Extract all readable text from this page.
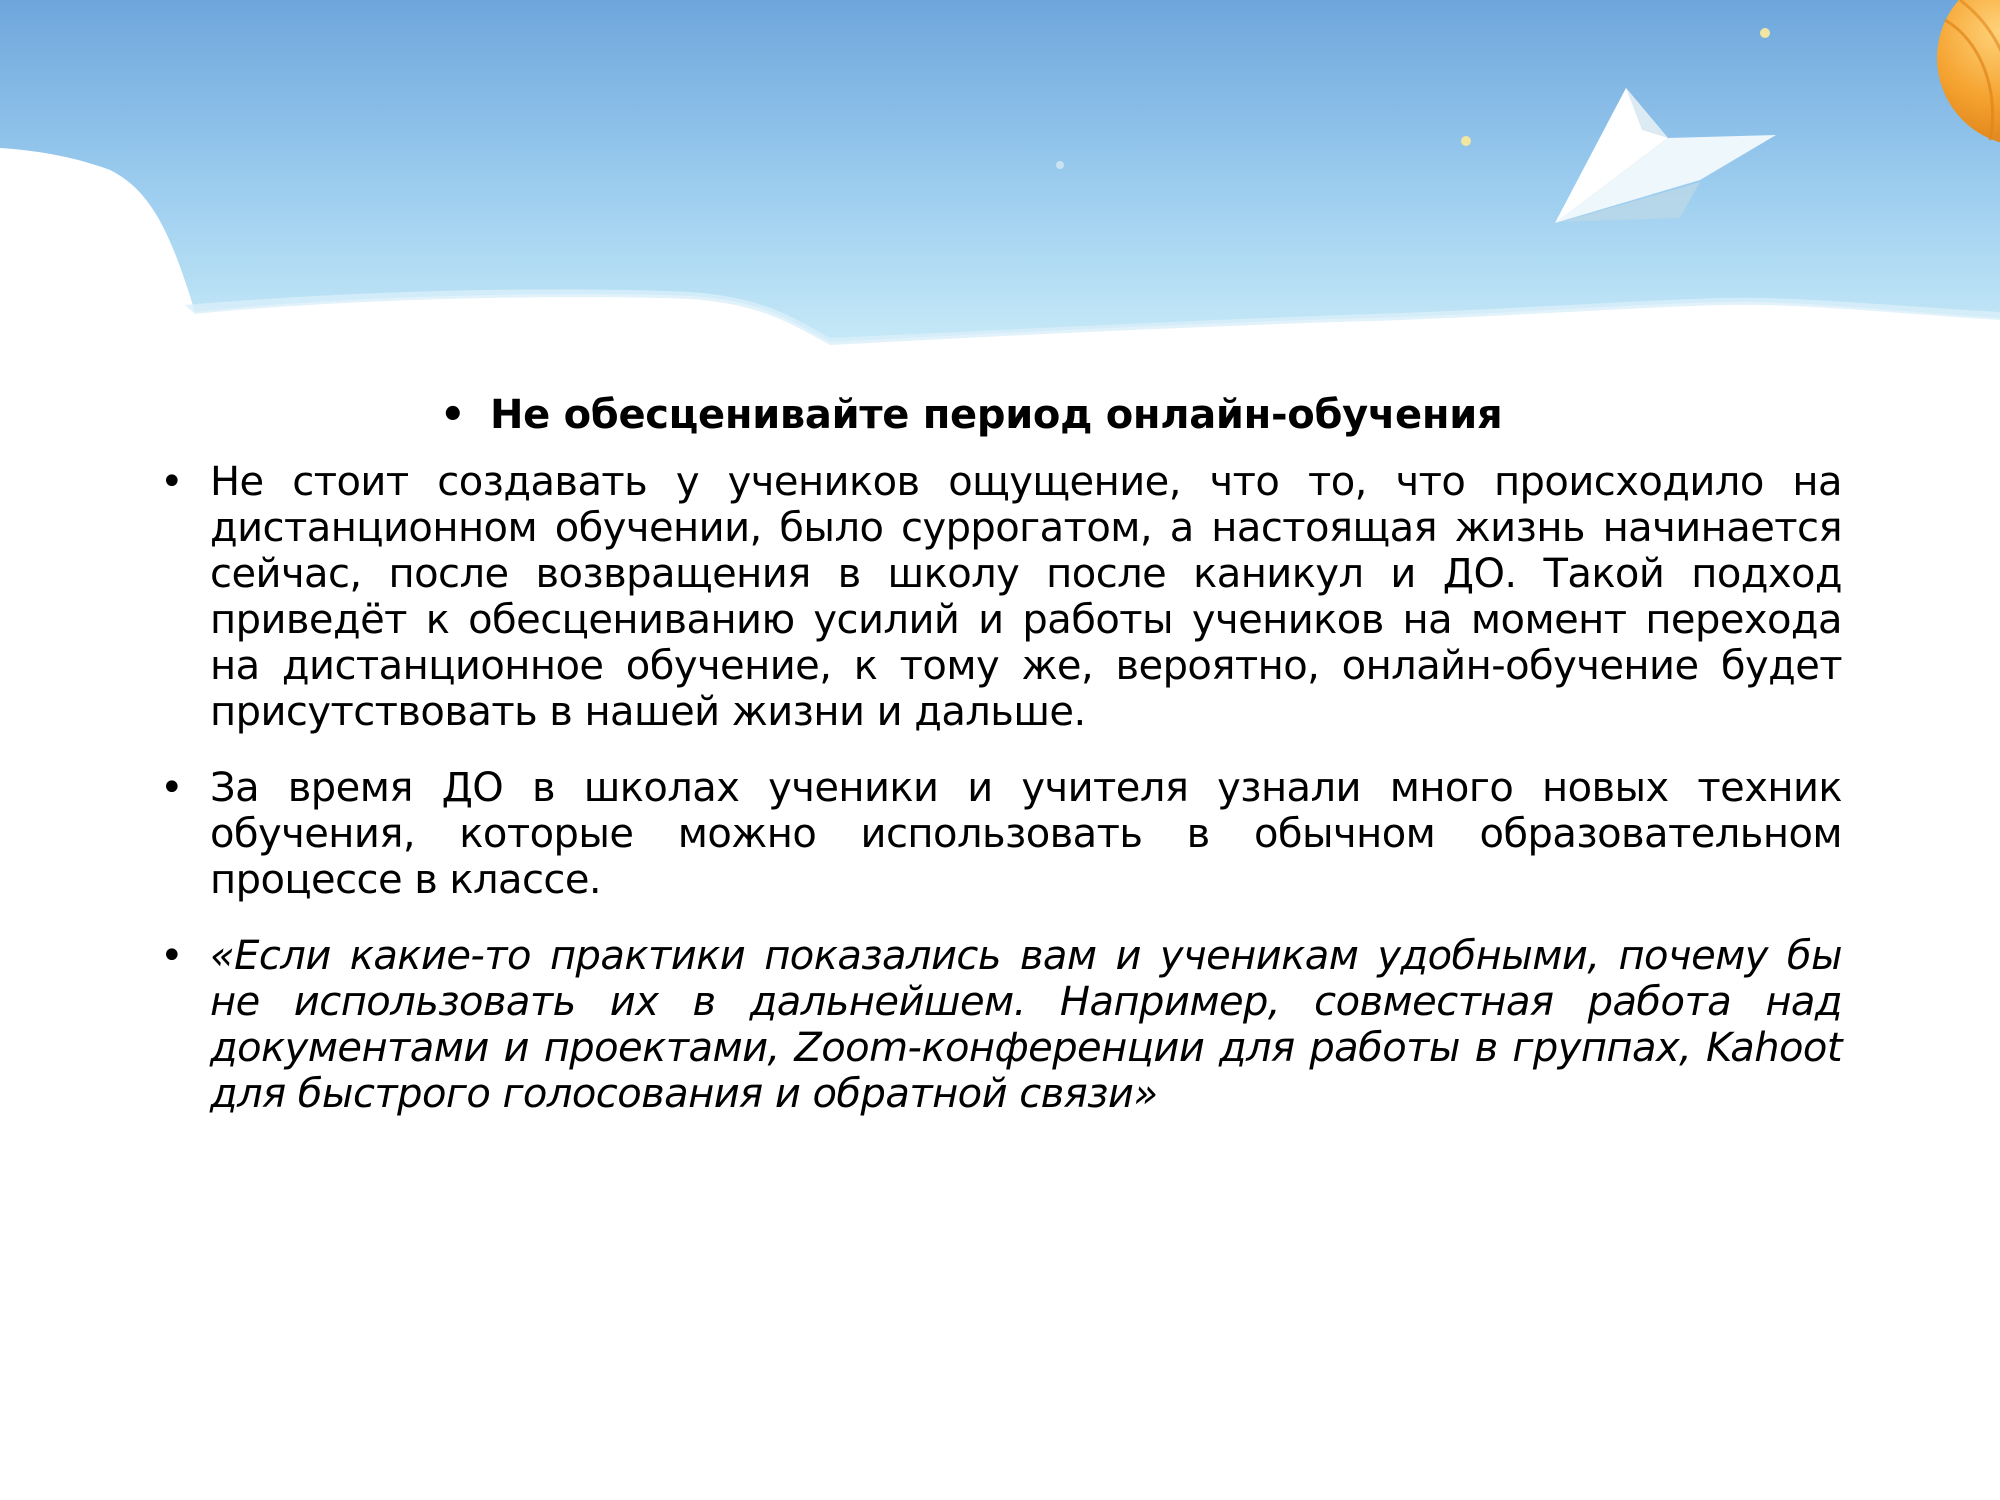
• Не обесценивайте период онлайн-обучения
• Не стоит создавать у учеников ощущение, что то, что происходило на дистанционном обучении, было суррогатом, а настоящая жизнь начинается сейчас, после возвращения в школу после каникул и ДО. Такой подход приведёт к обесцениванию усилий и работы учеников на момент перехода на дистанционное обучение, к тому же, вероятно, онлайн-обучение будет присутствовать в нашей жизни и дальше.
• За время ДО в школах ученики и учителя узнали много новых техник обучения, которые можно использовать в обычном образовательном процессе в классе.
• «Если какие-то практики показались вам и ученикам удобными, почему бы не использовать их в дальнейшем. Например, совместная работа над документами и проектами, Zoom-конференции для работы в группах, Kahoot для быстрого голосования и обратной связи»
